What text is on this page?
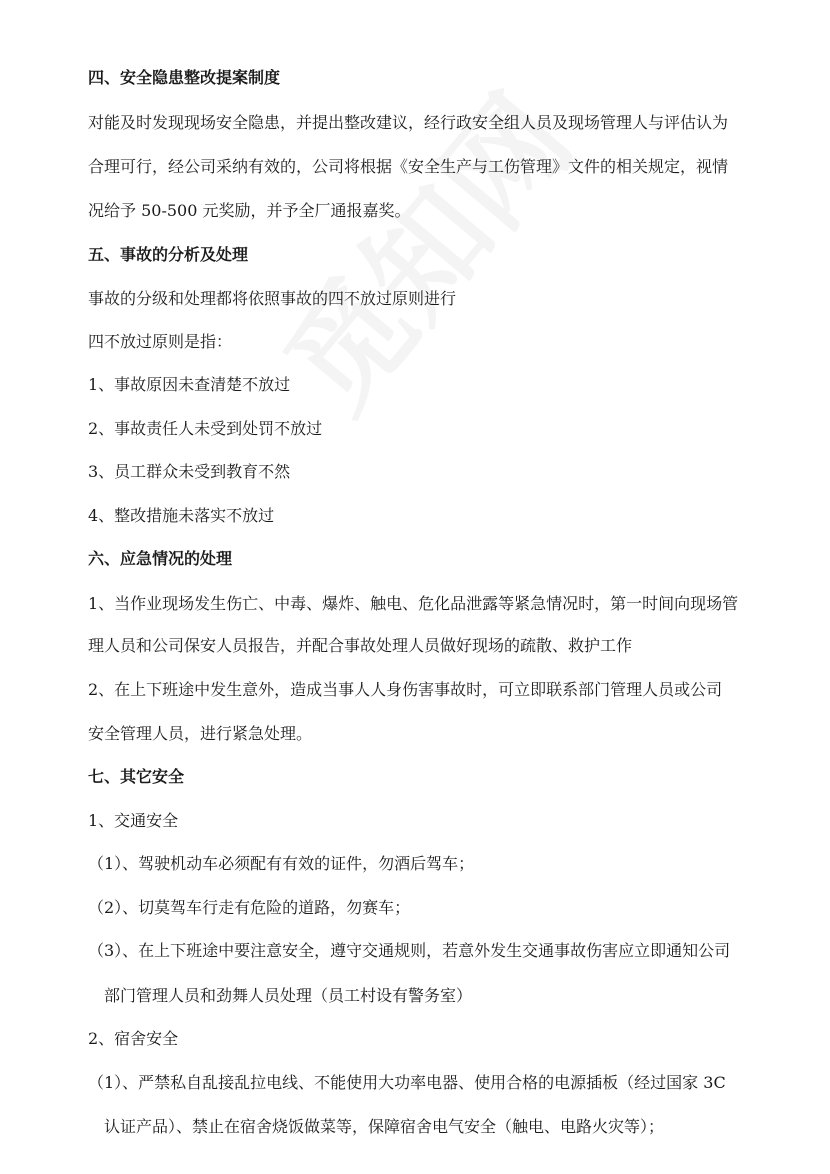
四、安全隐患整改提案制度
对能及时发现现场安全隐患，并提出整改建议，经行政安全组人员及现场管理人与评估认为
合理可行，经公司采纳有效的，公司将根据《安全生产与工伤管理》文件的相关规定，视情
况给予 50-500 元奖励，并予全厂通报嘉奖。
五、事故的分析及处理
事故的分级和处理都将依照事故的四不放过原则进行
四不放过原则是指：
1、事故原因未查清楚不放过
2、事故责任人未受到处罚不放过
3、员工群众未受到教育不然
4、整改措施未落实不放过
六、应急情况的处理
1、当作业现场发生伤亡、中毒、爆炸、触电、危化品泄露等紧急情况时，第一时间向现场管
理人员和公司保安人员报告，并配合事故处理人员做好现场的疏散、救护工作
2、在上下班途中发生意外，造成当事人人身伤害事故时，可立即联系部门管理人员或公司
安全管理人员，进行紧急处理。
七、其它安全
1、交通安全
（1）、驾驶机动车必须配有有效的证件，勿酒后驾车；
（2）、切莫驾车行走有危险的道路，勿赛车；
（3）、在上下班途中要注意安全，遵守交通规则，若意外发生交通事故伤害应立即通知公司
部门管理人员和劲舞人员处理（员工村设有警务室）
2、宿舍安全
（1）、严禁私自乱接乱拉电线、不能使用大功率电器、使用合格的电源插板（经过国家 3C
认证产品）、禁止在宿舍烧饭做菜等，保障宿舍电气安全（触电、电路火灾等）；
